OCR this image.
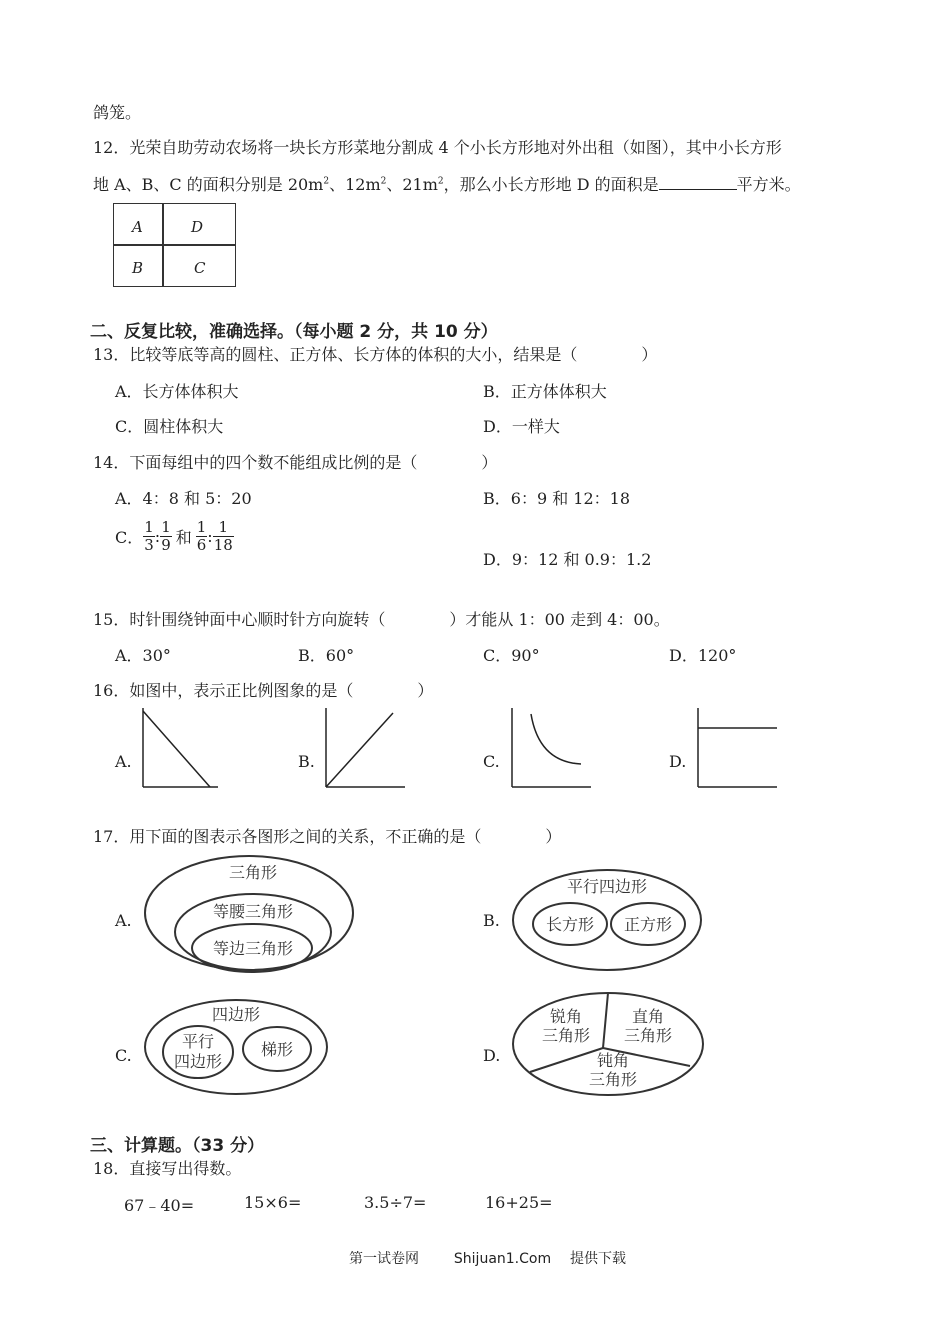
鸽笼。
12．光荣自助劳动农场将一块长方形菜地分割成 4 个小长方形地对外出租（如图），其中小长方形
地 A、B、C 的面积分别是 $20m^2$、$12m^2$、$21m^2$，那么小长方形地 D 的面积是	平方米。
A	D
B	C
二、反复比较，准确选择。（每小题 2 分，共 10 分）
13．比较等底等高的圆柱、正方体、长方体的体积的大小，结果是（　　　　）
A．长方体体积大	B．正方体体积大
C．圆柱体积大	D．一样大
14．下面每组中的四个数不能组成比例的是（　　　　）
A．4：8 和 5：20	B．6：9 和 12：18
C． $\frac{1}{3}$ : $\frac{1}{9}$ 和 $\frac{1}{6}$ : $\frac{1}{18}$
D．9：12 和 0.9：1.2
15．时针围绕钟面中心顺时针方向旋转（　　　　）才能从 1：00 走到 4：00。
A．30°	B．60°	C．90°	D．120°
16．如图中，表示正比例图象的是（　　　　）
A.	B.	C.	D.
17．用下面的图表示各图形之间的关系，不正确的是（　　　　）
A.	B.
C.	D.
三角形
等腰三角形
等边三角形
平行四边形
长方形 正方形
四边形
平行
四边形
梯形
锐角
三角形
直角
三角形
钝角
三角形
三、计算题。（33 分）
18．直接写出得数。
67﹣40=	15×6=	3.5÷7=	16+25=
第一试卷网 Shijuan1.Com 提供下载
